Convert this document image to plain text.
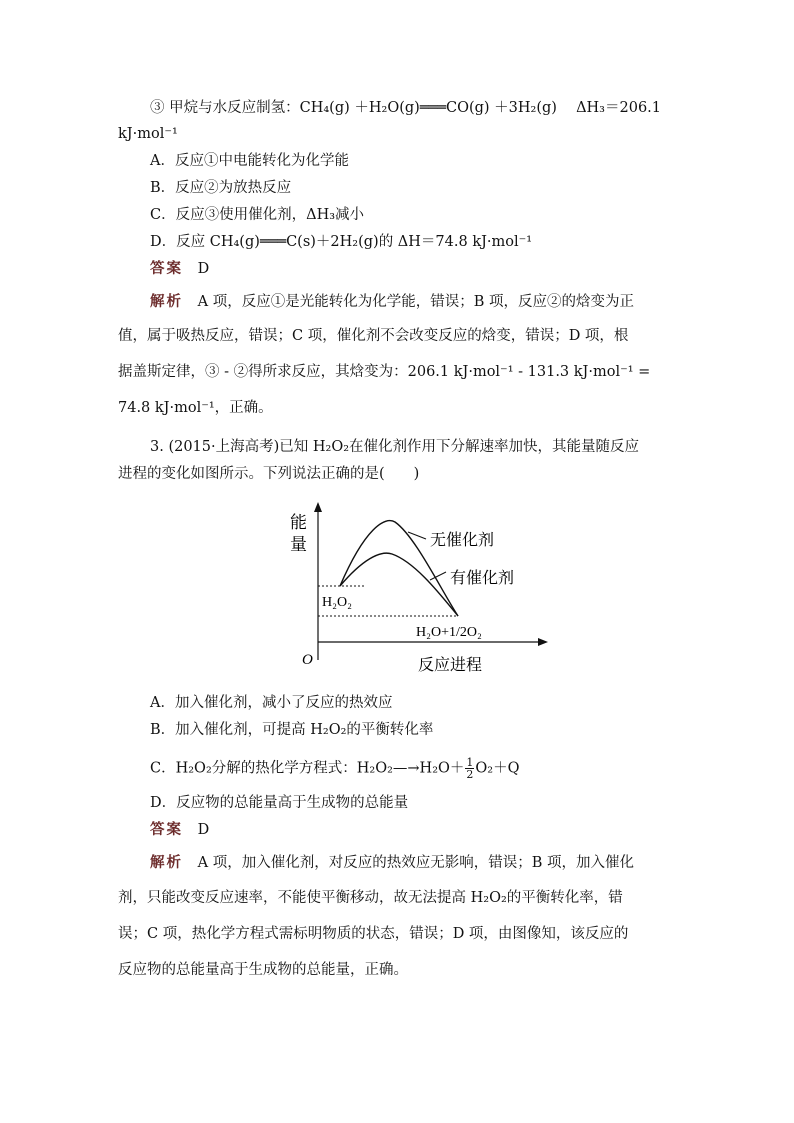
③ 甲烷与水反应制氢：CH₄(g) ＋H₂O(g)═══CO(g) ＋3H₂(g)　 ΔH₃＝206.1
kJ·mol⁻¹
A．反应①中电能转化为化学能
B．反应②为放热反应
C．反应③使用催化剂，ΔH₃减小
D．反应 CH₄(g)═══C(s)＋2H₂(g)的 ΔH＝74.8 kJ·mol⁻¹
答案 D
解析 A 项，反应①是光能转化为化学能，错误；B 项，反应②的焓变为正
值，属于吸热反应，错误；C 项，催化剂不会改变反应的焓变，错误；D 项，根
据盖斯定律，③ - ②得所求反应，其焓变为：206.1 kJ·mol⁻¹ - 131.3 kJ·mol⁻¹ =
74.8 kJ·mol⁻¹，正确。
3. (2015·上海高考)已知 H₂O₂在催化剂作用下分解速率加快，其能量随反应
进程的变化如图所示。下列说法正确的是(　　)
能
量
O	反应进程
无催化剂
有催化剂
H₂O₂
H₂O+1/2O₂
A．加入催化剂，减小了反应的热效应
B．加入催化剂，可提高 H₂O₂的平衡转化率
C．H₂O₂分解的热化学方程式：H₂O₂—→H₂O＋ $\frac{1}{2} O_2+Q$
D．反应物的总能量高于生成物的总能量
答案 D
解析 A 项，加入催化剂，对反应的热效应无影响，错误；B 项，加入催化
剂，只能改变反应速率，不能使平衡移动，故无法提高 H₂O₂的平衡转化率，错
误；C 项，热化学方程式需标明物质的状态，错误；D 项，由图像知，该反应的
反应物的总能量高于生成物的总能量，正确。
